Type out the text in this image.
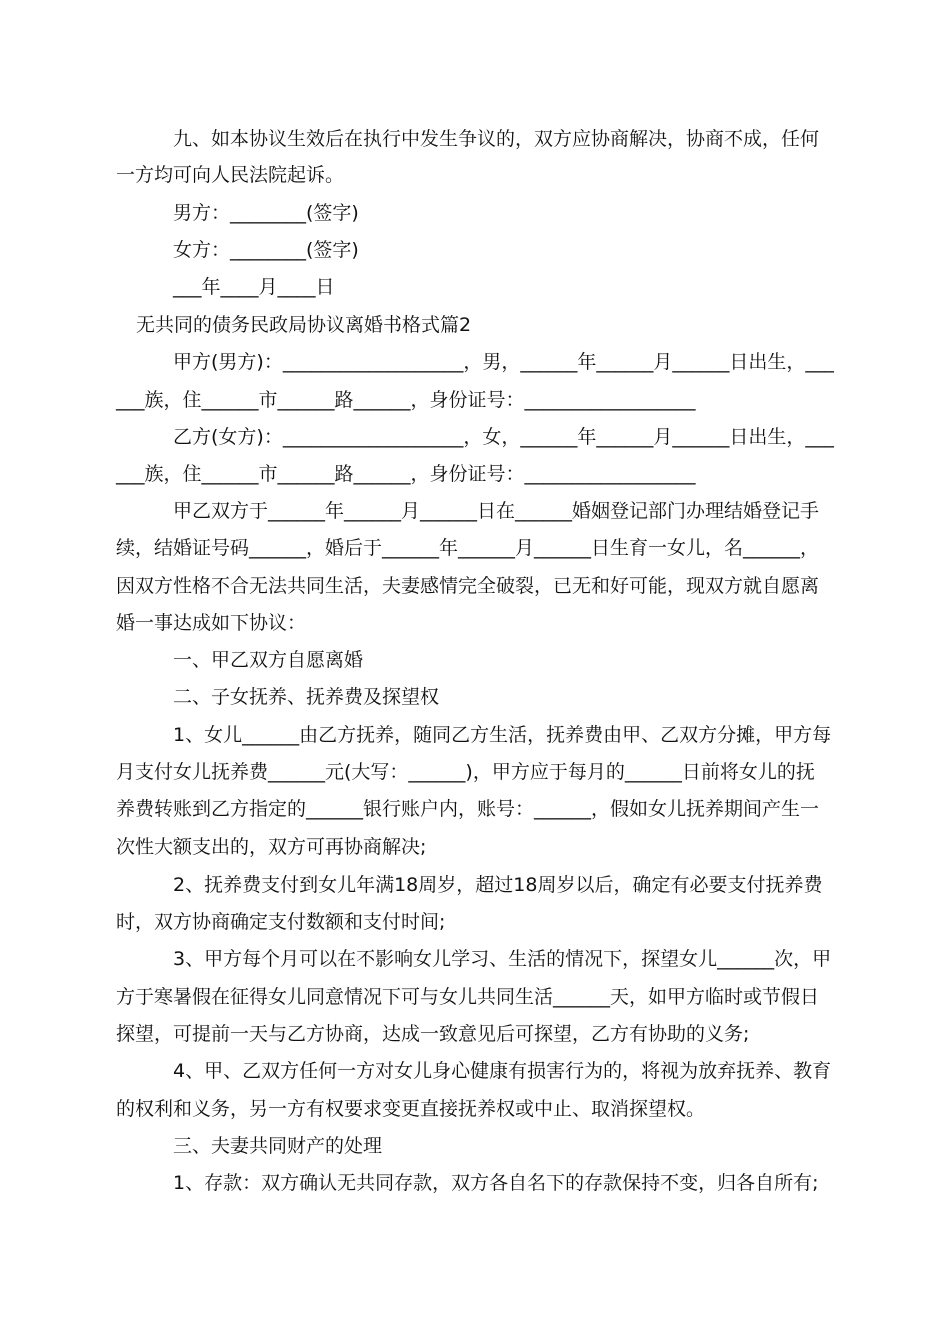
九、如本协议生效后在执行中发生争议的，双方应协商解决，协商不成，任何
一方均可向人民法院起诉。
男方：________(签字)
女方：________(签字)
___年____月____日
无共同的债务民政局协议离婚书格式篇2
甲方(男方)：___________________，男，______年______月______日出生，___
___族，住______市______路______，身份证号：__________________
乙方(女方)：___________________，女，______年______月______日出生，___
___族，住______市______路______，身份证号：__________________
甲乙双方于______年______月______日在______婚姻登记部门办理结婚登记手
续，结婚证号码______，婚后于______年______月______日生育一女儿，名______，
因双方性格不合无法共同生活，夫妻感情完全破裂，已无和好可能，现双方就自愿离
婚一事达成如下协议：
一、甲乙双方自愿离婚
二、子女抚养、抚养费及探望权
1、女儿______由乙方抚养，随同乙方生活，抚养费由甲、乙双方分摊，甲方每
月支付女儿抚养费______元(大写：______)，甲方应于每月的______日前将女儿的抚
养费转账到乙方指定的______银行账户内，账号：______，假如女儿抚养期间产生一
次性大额支出的，双方可再协商解决;
2、抚养费支付到女儿年满18周岁，超过18周岁以后，确定有必要支付抚养费
时，双方协商确定支付数额和支付时间;
3、甲方每个月可以在不影响女儿学习、生活的情况下，探望女儿______次，甲
方于寒暑假在征得女儿同意情况下可与女儿共同生活______天，如甲方临时或节假日
探望，可提前一天与乙方协商，达成一致意见后可探望，乙方有协助的义务;
4、甲、乙双方任何一方对女儿身心健康有损害行为的，将视为放弃抚养、教育
的权利和义务，另一方有权要求变更直接抚养权或中止、取消探望权。
三、夫妻共同财产的处理
1、存款：双方确认无共同存款，双方各自名下的存款保持不变，归各自所有;
